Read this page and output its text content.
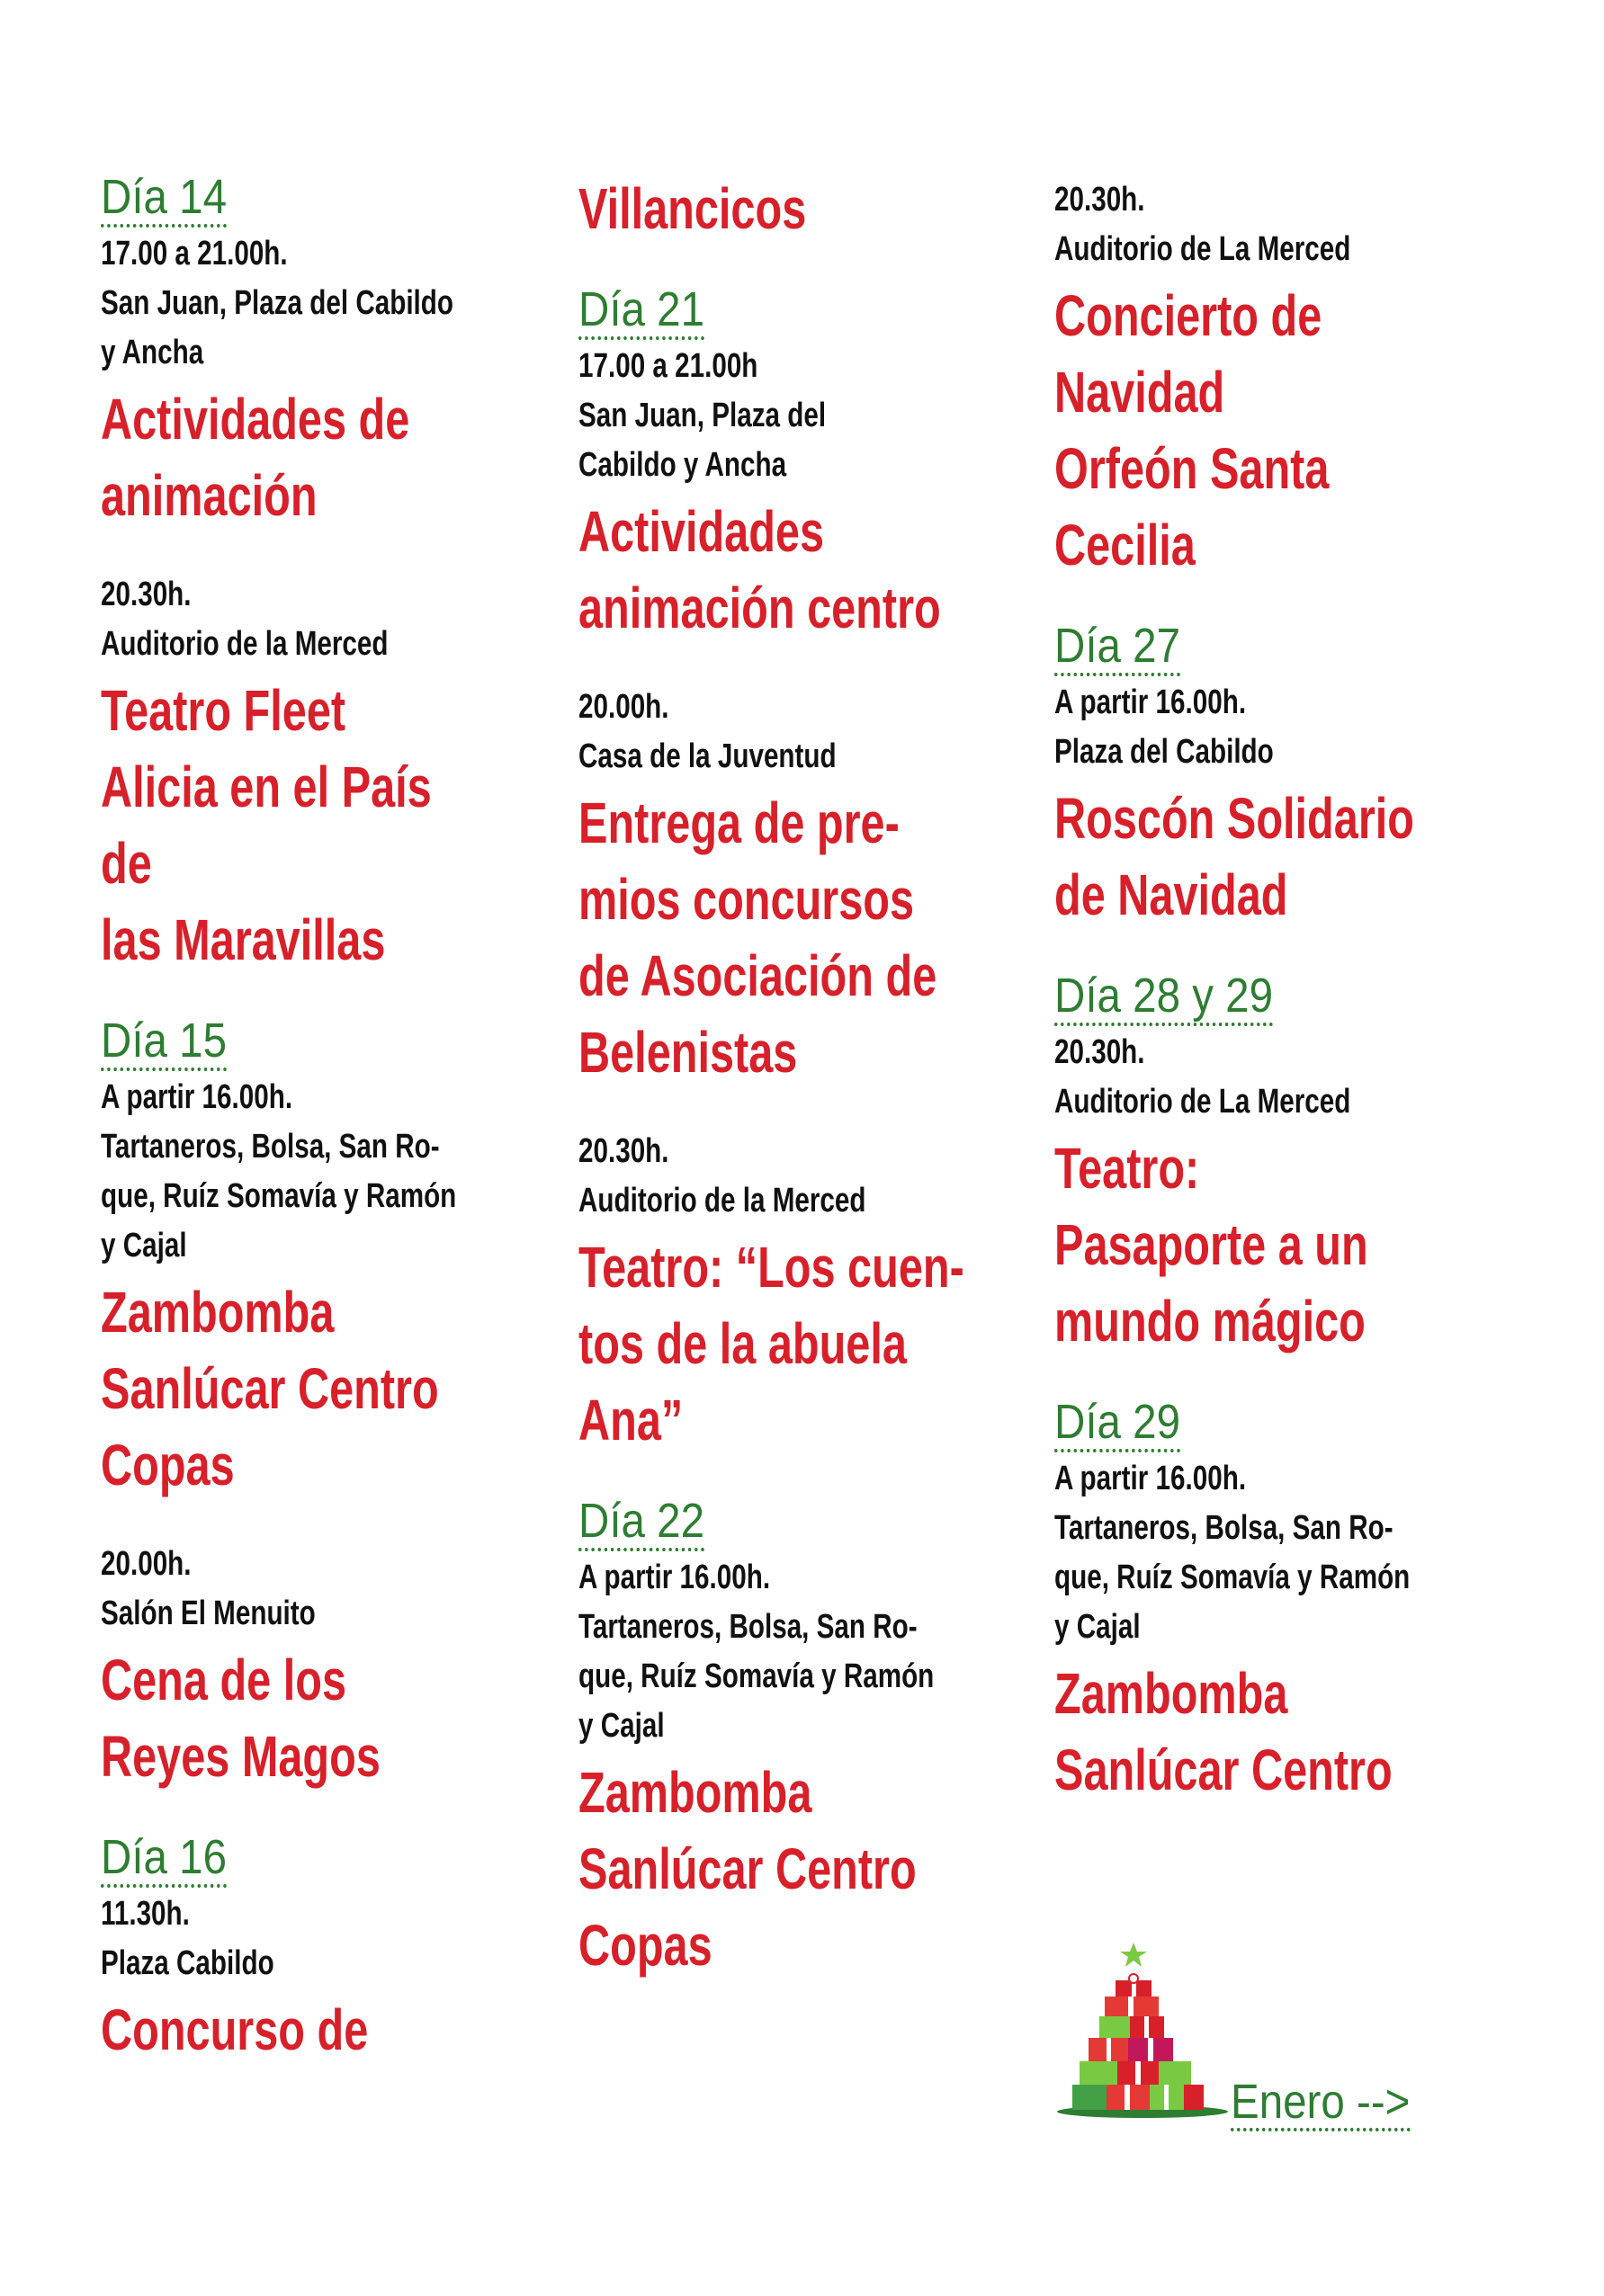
Día 14
17.00 a 21.00h.
San Juan, Plaza del Cabildo
y Ancha
Actividades de
animación
20.30h.
Auditorio de la Merced
Teatro Fleet
Alicia en el País
de
las Maravillas
Día 15
A partir 16.00h.
Tartaneros, Bolsa, San Ro-
que, Ruíz Somavía y Ramón
y Cajal
Zambomba
Sanlúcar Centro
Copas
20.00h.
Salón El Menuito
Cena de los
Reyes Magos
Día 16
11.30h.
Plaza Cabildo
Concurso de
Villancicos
Día 21
17.00 a 21.00h
San Juan, Plaza del
Cabildo y Ancha
Actividades
animación centro
20.00h.
Casa de la Juventud
Entrega de pre-
mios concursos
de Asociación de
Belenistas
20.30h.
Auditorio de la Merced
Teatro: “Los cuen-
tos de la abuela
Ana”
Día 22
A partir 16.00h.
Tartaneros, Bolsa, San Ro-
que, Ruíz Somavía y Ramón
y Cajal
Zambomba
Sanlúcar Centro
Copas
20.30h.
Auditorio de La Merced
Concierto de
Navidad
Orfeón Santa
Cecilia
Día 27
A partir 16.00h.
Plaza del Cabildo
Roscón Solidario
de Navidad
Día 28 y 29
20.30h.
Auditorio de La Merced
Teatro:
Pasaporte a un
mundo mágico
Día 29
A partir 16.00h.
Tartaneros, Bolsa, San Ro-
que, Ruíz Somavía y Ramón
y Cajal
Zambomba
Sanlúcar Centro
Enero -->
